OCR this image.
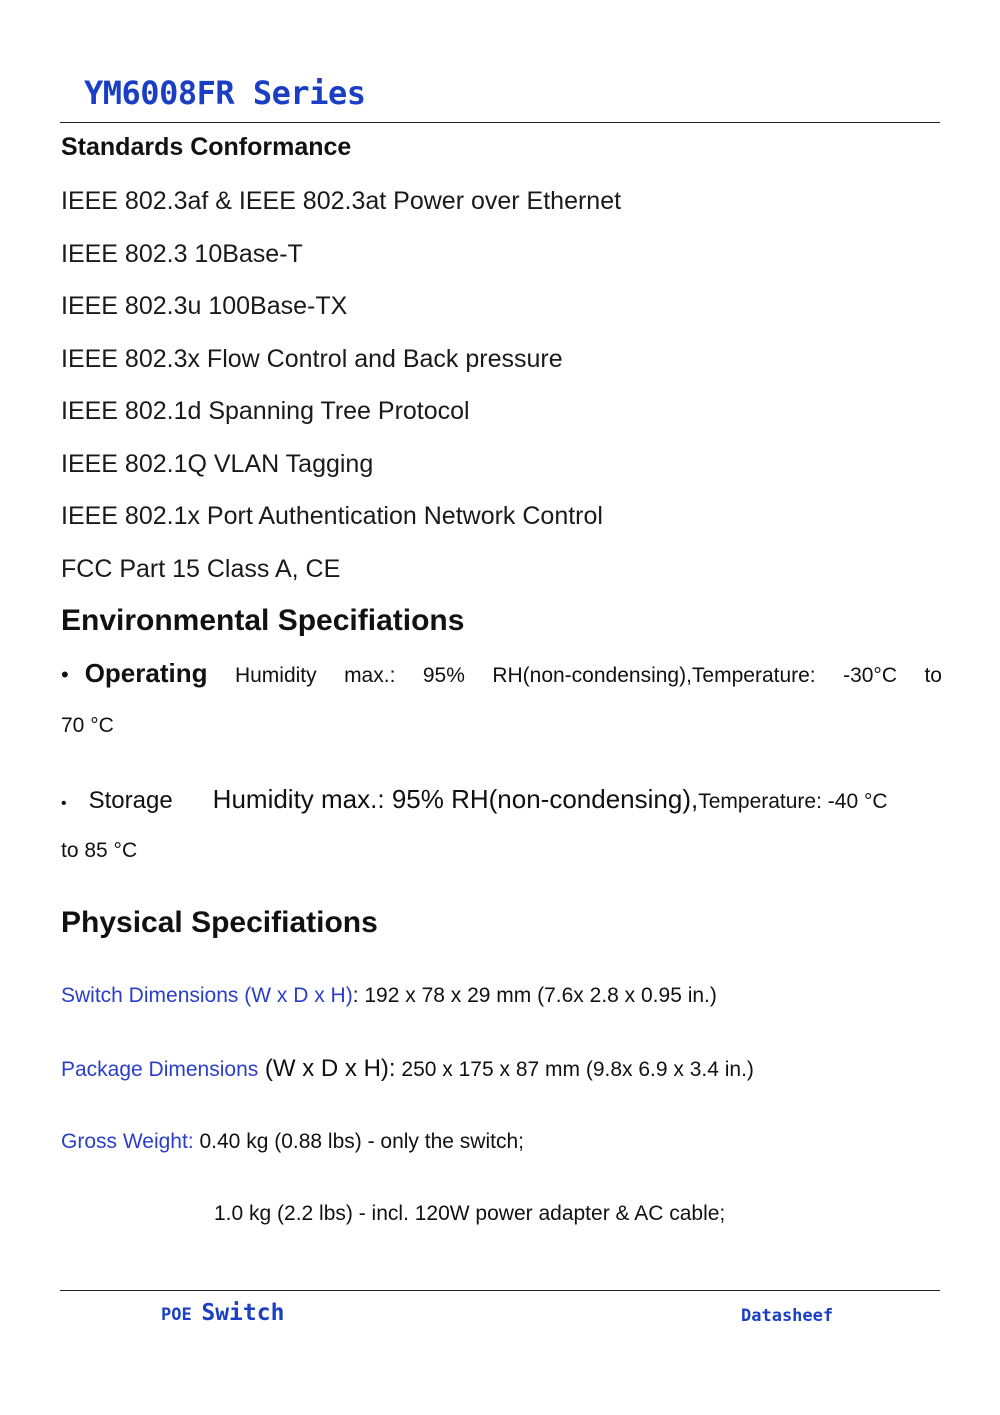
YM6008FR Series
Standards Conformance
IEEE 802.3af & IEEE 802.3at Power over Ethernet
IEEE 802.3 10Base-T
IEEE 802.3u 100Base-TX
IEEE 802.3x Flow Control and Back pressure
IEEE 802.1d Spanning Tree Protocol
IEEE 802.1Q VLAN Tagging
IEEE 802.1x Port Authentication Network Control
FCC Part 15 Class A, CE
Environmental Specifiations
• Operating Humidity max.: 95% RH(non-condensing),Temperature: -30°C to
70 °C
• Storage Humidity max.: 95% RH(non-condensing),Temperature: -40 °C
to 85 °C
Physical Specifiations
Switch Dimensions (W x D x H): 192 x 78 x 29 mm (7.6x 2.8 x 0.95 in.)
Package Dimensions (W x D x H): 250 x 175 x 87 mm (9.8x 6.9 x 3.4 in.)
Gross Weight: 0.40 kg (0.88 lbs) - only the switch;
1.0 kg (2.2 lbs) - incl. 120W power adapter & AC cable;
POE Switch	Datasheef
